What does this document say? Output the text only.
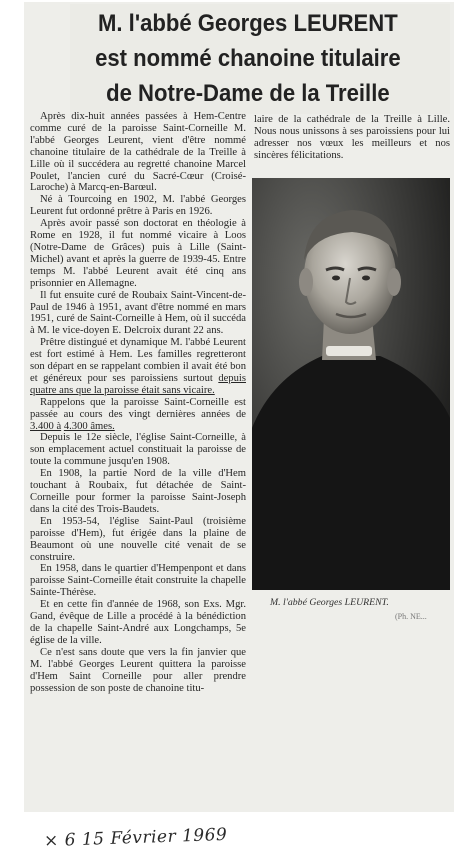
M. l'abbé Georges LEURENT
est nommé chanoine titulaire
de Notre-Dame de la Treille

Après dix-huit années passées à Hem-Centre comme curé de la paroisse Saint-Corneille M. l'abbé Georges Leurent, vient d'être nommé chanoine titulaire de la cathédrale de la Treille à Lille où il succédera au regretté chanoine Marcel Poulet, l'ancien curé du Sacré-Cœur (Croisé-Laroche) à Marcq-en-Barœul.

Né à Tourcoing en 1902, M. l'abbé Georges Leurent fut ordonné prêtre à Paris en 1926.

Après avoir passé son doctorat en théologie à Rome en 1928, il fut nommé vicaire à Loos (Notre-Dame de Grâces) puis à Lille (Saint-Michel) avant et après la guerre de 1939-45. Entre temps M. l'abbé Leurent avait été cinq ans prisonnier en Allemagne.

Il fut ensuite curé de Roubaix Saint-Vincent-de-Paul de 1946 à 1951, avant d'être nommé en mars 1951, curé de Saint-Corneille à Hem, où il succéda à M. le vice-doyen E. Delcroix durant 22 ans.

Prêtre distingué et dynamique M. l'abbé Leurent est fort estimé à Hem. Les familles regretteront son départ en se rappelant combien il avait été bon et généreux pour ses paroissiens surtout depuis quatre ans que la paroisse était sans vicaire.

Rappelons que la paroisse Saint-Corneille est passée au cours des vingt dernières années de 3.400 à 4.300 âmes.

Depuis le 12e siècle, l'église Saint-Corneille, à son emplacement actuel constituait la paroisse de toute la commune jusqu'en 1908.

En 1908, la partie Nord de la ville d'Hem touchant à Roubaix, fut détachée de Saint-Corneille pour former la paroisse Saint-Joseph dans la cité des Trois-Baudets.

En 1953-54, l'église Saint-Paul (troisième paroisse d'Hem), fut érigée dans la plaine de Beaumont où une nouvelle cité venait de se construire.

En 1958, dans le quartier d'Hempenpont et dans paroisse Saint-Corneille était construite la chapelle Sainte-Thérèse.

Et en cette fin d'année de 1968, son Exs. Mgr. Gand, évêque de Lille a procédé à la bénédiction de la chapelle Saint-André aux Longchamps, 5e église de la ville.

Ce n'est sans doute que vers la fin janvier que M. l'abbé Georges Leurent quittera la paroisse d'Hem Saint Corneille pour aller prendre possession de son poste de chanoine titu-

laire de la cathédrale de la Treille à Lille. Nous nous unissons à ses paroissiens pour lui adresser nos vœux les meilleurs et nos sincères félicitations.

M. l'abbé Georges LEURENT.
(Ph. NE...
× 6 15 Février 1969
